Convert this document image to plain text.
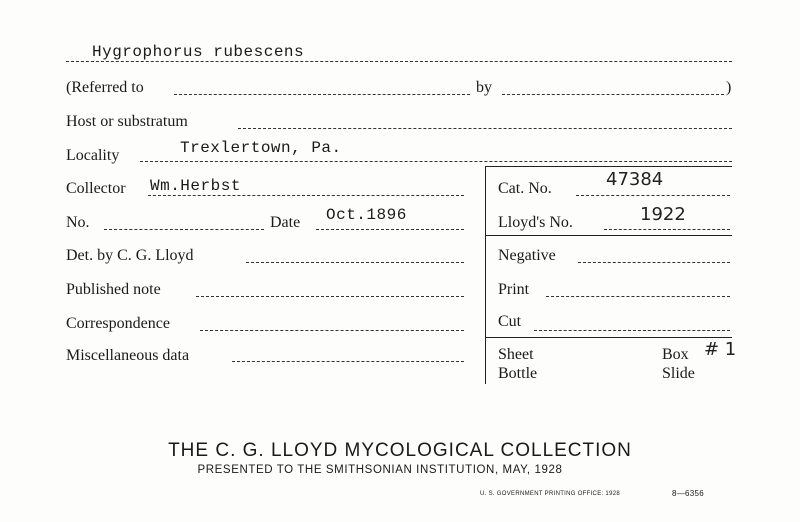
Hygrophorus rubescens
(Referred to	by	)
Host or substratum
Locality	Trexlertown, Pa.
Collector Wm.Herbst	Cat. No.	47384
No.	Date Oct.1896	Lloyd's No.	1922
Det. by C. G. Lloyd	Negative
Published note	Print
Correspondence	Cut
Miscellaneous data	Sheet	Box # 1
Bottle	Slide
THE C. G. LLOYD MYCOLOGICAL COLLECTION
PRESENTED TO THE SMITHSONIAN INSTITUTION, MAY, 1928
U. S. GOVERNMENT PRINTING OFFICE: 1928	8—6356
